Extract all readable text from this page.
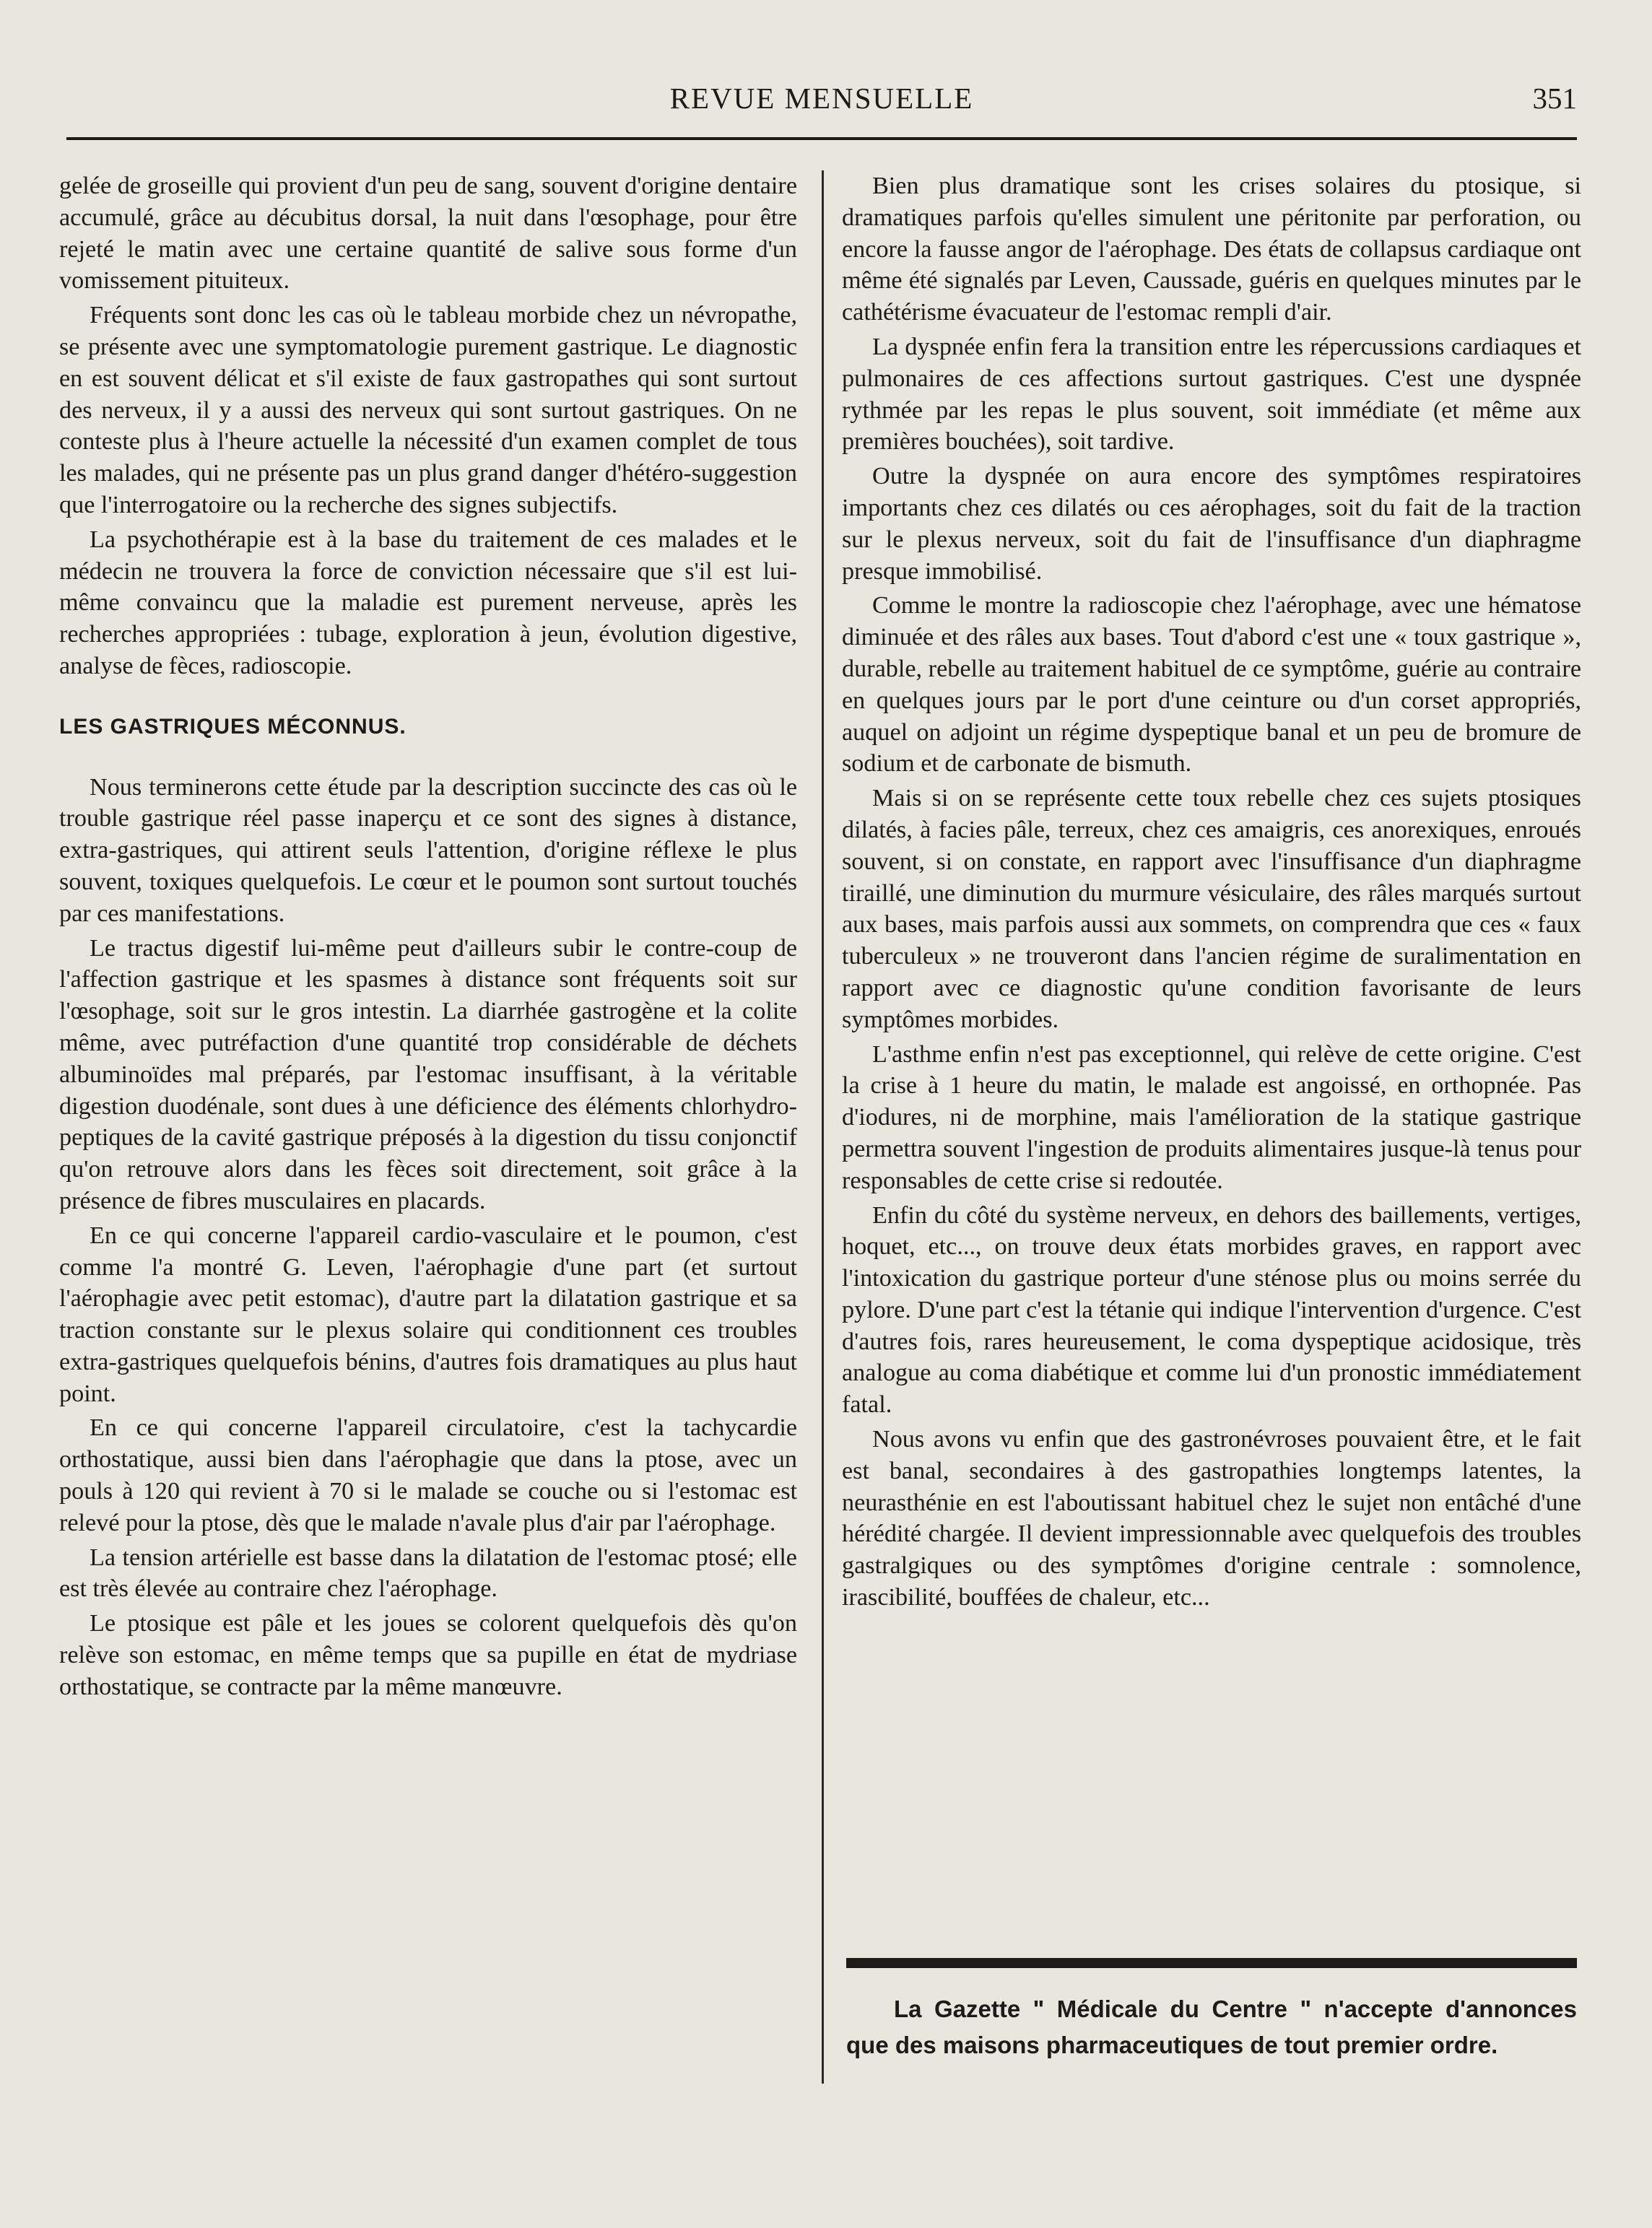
REVUE MENSUELLE	351

gelée de groseille qui provient d'un peu de sang, souvent d'origine dentaire accumulé, grâce au décubitus dorsal, la nuit dans l'œsophage, pour être rejeté le matin avec une certaine quantité de salive sous forme d'un vomissement pituiteux.

Fréquents sont donc les cas où le tableau morbide chez un névropathe, se présente avec une symptomatologie purement gastrique. Le diagnostic en est souvent délicat et s'il existe de faux gastropathes qui sont surtout des nerveux, il y a aussi des nerveux qui sont surtout gastriques. On ne conteste plus à l'heure actuelle la nécessité d'un examen complet de tous les malades, qui ne présente pas un plus grand danger d'hétéro-suggestion que l'interrogatoire ou la recherche des signes subjectifs.

La psychothérapie est à la base du traitement de ces malades et le médecin ne trouvera la force de conviction nécessaire que s'il est lui-même convaincu que la maladie est purement nerveuse, après les recherches appropriées : tubage, exploration à jeun, évolution digestive, analyse de fèces, radioscopie.

LES GASTRIQUES MÉCONNUS.

Nous terminerons cette étude par la description succincte des cas où le trouble gastrique réel passe inaperçu et ce sont des signes à distance, extra-gastriques, qui attirent seuls l'attention, d'origine réflexe le plus souvent, toxiques quelquefois. Le cœur et le poumon sont surtout touchés par ces manifestations.

Le tractus digestif lui-même peut d'ailleurs subir le contre-coup de l'affection gastrique et les spasmes à distance sont fréquents soit sur l'œsophage, soit sur le gros intestin. La diarrhée gastrogène et la colite même, avec putréfaction d'une quantité trop considérable de déchets albuminoïdes mal préparés, par l'estomac insuffisant, à la véritable digestion duodénale, sont dues à une déficience des éléments chlorhydro-peptiques de la cavité gastrique préposés à la digestion du tissu conjonctif qu'on retrouve alors dans les fèces soit directement, soit grâce à la présence de fibres musculaires en placards.

En ce qui concerne l'appareil cardio-vasculaire et le poumon, c'est comme l'a montré G. Leven, l'aérophagie d'une part (et surtout l'aérophagie avec petit estomac), d'autre part la dilatation gastrique et sa traction constante sur le plexus solaire qui conditionnent ces troubles extra-gastriques quelquefois bénins, d'autres fois dramatiques au plus haut point.

En ce qui concerne l'appareil circulatoire, c'est la tachycardie orthostatique, aussi bien dans l'aérophagie que dans la ptose, avec un pouls à 120 qui revient à 70 si le malade se couche ou si l'estomac est relevé pour la ptose, dès que le malade n'avale plus d'air par l'aérophage.

La tension artérielle est basse dans la dilatation de l'estomac ptosé; elle est très élevée au contraire chez l'aérophage.

Le ptosique est pâle et les joues se colorent quelquefois dès qu'on relève son estomac, en même temps que sa pupille en état de mydriase orthostatique, se contracte par la même manœuvre.

Bien plus dramatique sont les crises solaires du ptosique, si dramatiques parfois qu'elles simulent une péritonite par perforation, ou encore la fausse angor de l'aérophage. Des états de collapsus cardiaque ont même été signalés par Leven, Caussade, guéris en quelques minutes par le cathétérisme évacuateur de l'estomac rempli d'air.

La dyspnée enfin fera la transition entre les répercussions cardiaques et pulmonaires de ces affections surtout gastriques. C'est une dyspnée rythmée par les repas le plus souvent, soit immédiate (et même aux premières bouchées), soit tardive.

Outre la dyspnée on aura encore des symptômes respiratoires importants chez ces dilatés ou ces aérophages, soit du fait de la traction sur le plexus nerveux, soit du fait de l'insuffisance d'un diaphragme presque immobilisé.

Comme le montre la radioscopie chez l'aérophage, avec une hématose diminuée et des râles aux bases. Tout d'abord c'est une « toux gastrique », durable, rebelle au traitement habituel de ce symptôme, guérie au contraire en quelques jours par le port d'une ceinture ou d'un corset appropriés, auquel on adjoint un régime dyspeptique banal et un peu de bromure de sodium et de carbonate de bismuth.

Mais si on se représente cette toux rebelle chez ces sujets ptosiques dilatés, à facies pâle, terreux, chez ces amaigris, ces anorexiques, enroués souvent, si on constate, en rapport avec l'insuffisance d'un diaphragme tiraillé, une diminution du murmure vésiculaire, des râles marqués surtout aux bases, mais parfois aussi aux sommets, on comprendra que ces « faux tuberculeux » ne trouveront dans l'ancien régime de suralimentation en rapport avec ce diagnostic qu'une condition favorisante de leurs symptômes morbides.

L'asthme enfin n'est pas exceptionnel, qui relève de cette origine. C'est la crise à 1 heure du matin, le malade est angoissé, en orthopnée. Pas d'iodures, ni de morphine, mais l'amélioration de la statique gastrique permettra souvent l'ingestion de produits alimentaires jusque-là tenus pour responsables de cette crise si redoutée.

Enfin du côté du système nerveux, en dehors des baillements, vertiges, hoquet, etc..., on trouve deux états morbides graves, en rapport avec l'intoxication du gastrique porteur d'une sténose plus ou moins serrée du pylore. D'une part c'est la tétanie qui indique l'intervention d'urgence. C'est d'autres fois, rares heureusement, le coma dyspeptique acidosique, très analogue au coma diabétique et comme lui d'un pronostic immédiatement fatal.

Nous avons vu enfin que des gastronévroses pouvaient être, et le fait est banal, secondaires à des gastropathies longtemps latentes, la neurasthénie en est l'aboutissant habituel chez le sujet non entâché d'une hérédité chargée. Il devient impressionnable avec quelquefois des troubles gastralgiques ou des symptômes d'origine centrale : somnolence, irascibilité, bouffées de chaleur, etc...

La Gazette " Médicale du Centre " n'accepte d'annonces que des maisons pharmaceutiques de tout premier ordre.
